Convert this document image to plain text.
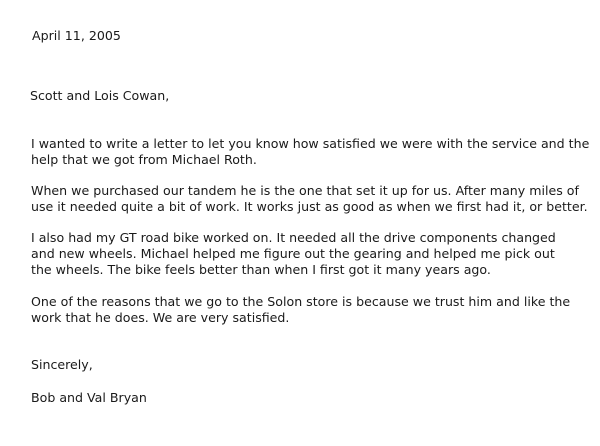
April 11, 2005
Scott and Lois Cowan,
I wanted to write a letter to let you know how satisfied we were with the service and the
help that we got from Michael Roth.
When we purchased our tandem he is the one that set it up for us. After many miles of
use it needed quite a bit of work. It works just as good as when we first had it, or better.
I also had my GT road bike worked on. It needed all the drive components changed
and new wheels. Michael helped me figure out the gearing and helped me pick out
the wheels. The bike feels better than when I first got it many years ago.
One of the reasons that we go to the Solon store is because we trust him and like the
work that he does. We are very satisfied.
Sincerely,
Bob and Val Bryan
